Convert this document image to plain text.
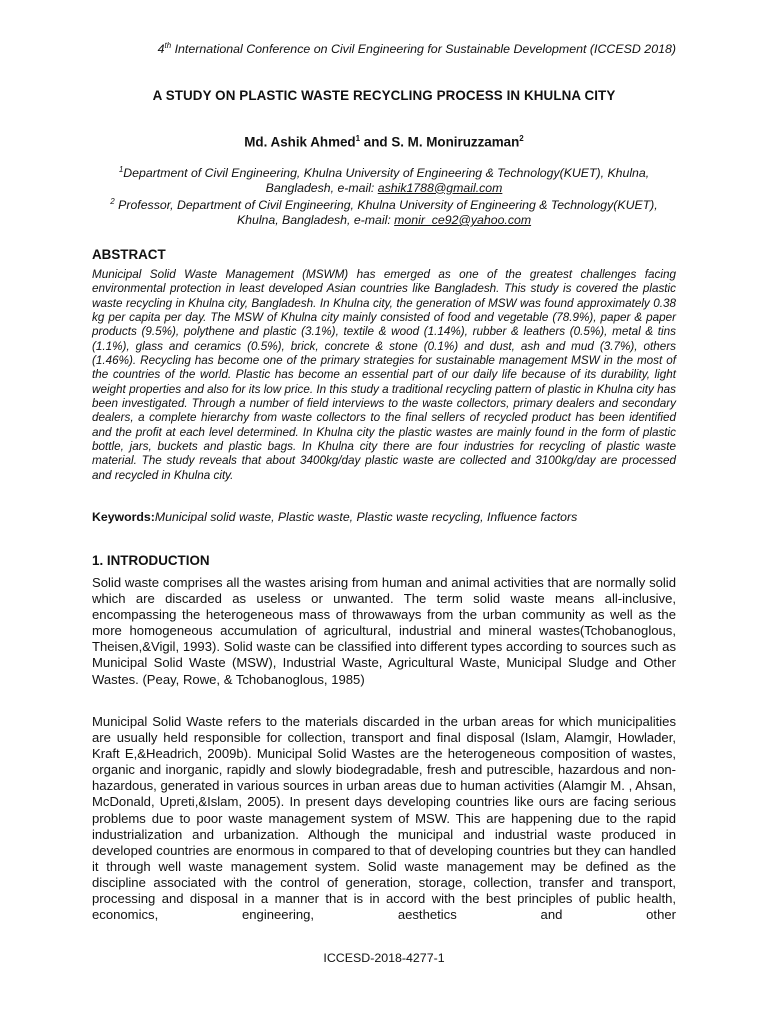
4th International Conference on Civil Engineering for Sustainable Development (ICCESD 2018)
A STUDY ON PLASTIC WASTE RECYCLING PROCESS IN KHULNA CITY
Md. Ashik Ahmed$^1$ and S. M. Moniruzzaman$^2$
$^1$Department of Civil Engineering, Khulna University of Engineering & Technology(KUET), Khulna, Bangladesh, e-mail: ashik1788@gmail.com
$^2$ Professor, Department of Civil Engineering, Khulna University of Engineering & Technology(KUET), Khulna, Bangladesh, e-mail: monir_ce92@yahoo.com
ABSTRACT

Municipal Solid Waste Management (MSWM) has emerged as one of the greatest challenges facing environmental protection in least developed Asian countries like Bangladesh. This study is covered the plastic waste recycling in Khulna city, Bangladesh. In Khulna city, the generation of MSW was found approximately 0.38 kg per capita per day. The MSW of Khulna city mainly consisted of food and vegetable (78.9%), paper & paper products (9.5%), polythene and plastic (3.1%), textile & wood (1.14%), rubber & leathers (0.5%), metal & tins (1.1%), glass and ceramics (0.5%), brick, concrete & stone (0.1%) and dust, ash and mud (3.7%), others (1.46%). Recycling has become one of the primary strategies for sustainable management MSW in the most of the countries of the world. Plastic has become an essential part of our daily life because of its durability, light weight properties and also for its low price. In this study a traditional recycling pattern of plastic in Khulna city has been investigated. Through a number of field interviews to the waste collectors, primary dealers and secondary dealers, a complete hierarchy from waste collectors to the final sellers of recycled product has been identified and the profit at each level determined. In Khulna city the plastic wastes are mainly found in the form of plastic bottle, jars, buckets and plastic bags. In Khulna city there are four industries for recycling of plastic waste material. The study reveals that about 3400kg/day plastic waste are collected and 3100kg/day are processed and recycled in Khulna city.

Keywords:Municipal solid waste, Plastic waste, Plastic waste recycling, Influence factors
1. INTRODUCTION

Solid waste comprises all the wastes arising from human and animal activities that are normally solid which are discarded as useless or unwanted. The term solid waste means all-inclusive, encompassing the heterogeneous mass of throwaways from the urban community as well as the more homogeneous accumulation of agricultural, industrial and mineral wastes(Tchobanoglous, Theisen,&Vigil, 1993). Solid waste can be classified into different types according to sources such as Municipal Solid Waste (MSW), Industrial Waste, Agricultural Waste, Municipal Sludge and Other Wastes. (Peay, Rowe, & Tchobanoglous, 1985)

Municipal Solid Waste refers to the materials discarded in the urban areas for which municipalities are usually held responsible for collection, transport and final disposal (Islam, Alamgir, Howlader, Kraft E,&Headrich, 2009b). Municipal Solid Wastes are the heterogeneous composition of wastes, organic and inorganic, rapidly and slowly biodegradable, fresh and putrescible, hazardous and non-hazardous, generated in various sources in urban areas due to human activities (Alamgir M. , Ahsan, McDonald, Upreti,&Islam, 2005). In present days developing countries like ours are facing serious problems due to poor waste management system of MSW. This are happening due to the rapid industrialization and urbanization. Although the municipal and industrial waste produced in developed countries are enormous in compared to that of developing countries but they can handled it through well waste management system. Solid waste management may be defined as the discipline associated with the control of generation, storage, collection, transfer and transport, processing and disposal in a manner that is in accord with the best principles of public health, economics, engineering, aesthetics and other

ICCESD-2018-4277-1
